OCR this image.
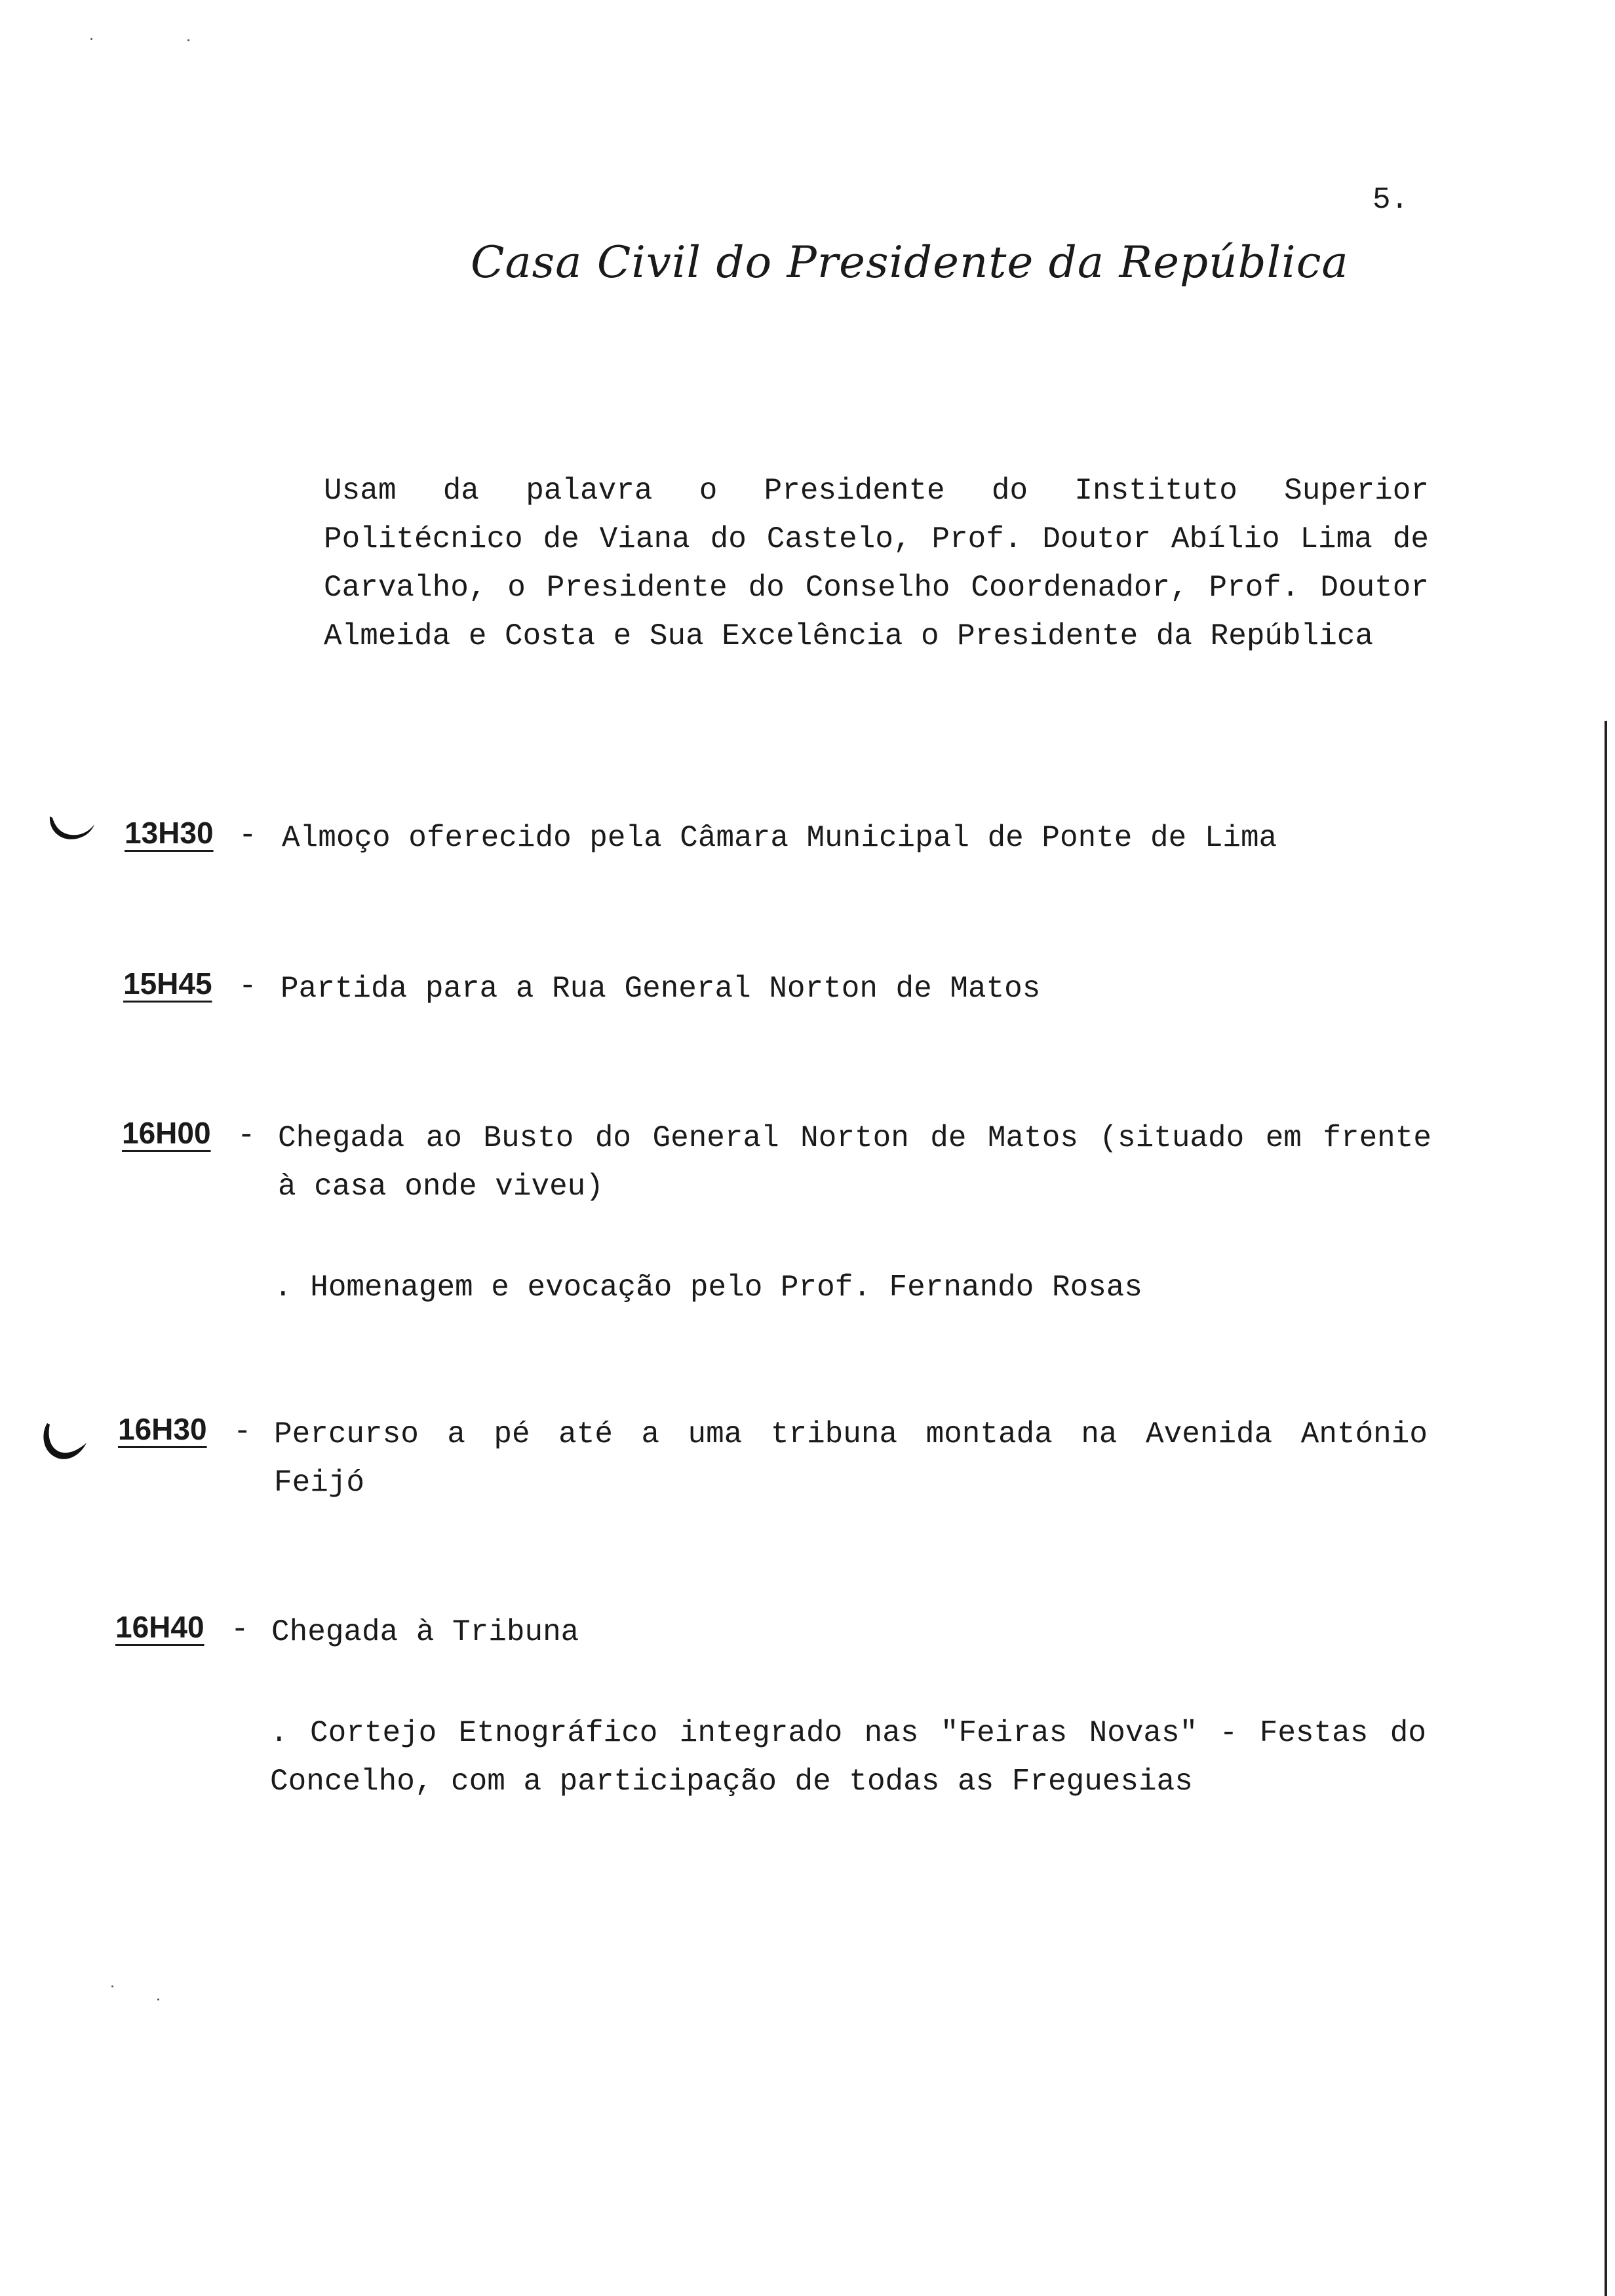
5.
Casa Civil do Presidente da República

Usam da palavra o Presidente do Instituto Superior Politécnico de Viana do Castelo, Prof. Doutor Abílio Lima de Carvalho, o Presidente do Conselho Coordenador, Prof. Doutor Almeida e Costa e Sua Excelência o Presidente da República

13H30 - Almoço oferecido pela Câmara Municipal de Ponte de Lima

15H45 - Partida para a Rua General Norton de Matos

16H00 - Chegada ao Busto do General Norton de Matos (situado em frente à casa onde viveu)

. Homenagem e evocação pelo Prof. Fernando Rosas

16H30 - Percurso a pé até a uma tribuna montada na Avenida António Feijó

16H40 - Chegada à Tribuna

. Cortejo Etnográfico integrado nas "Feiras Novas" - Festas do Concelho, com a participação de todas as Freguesias
